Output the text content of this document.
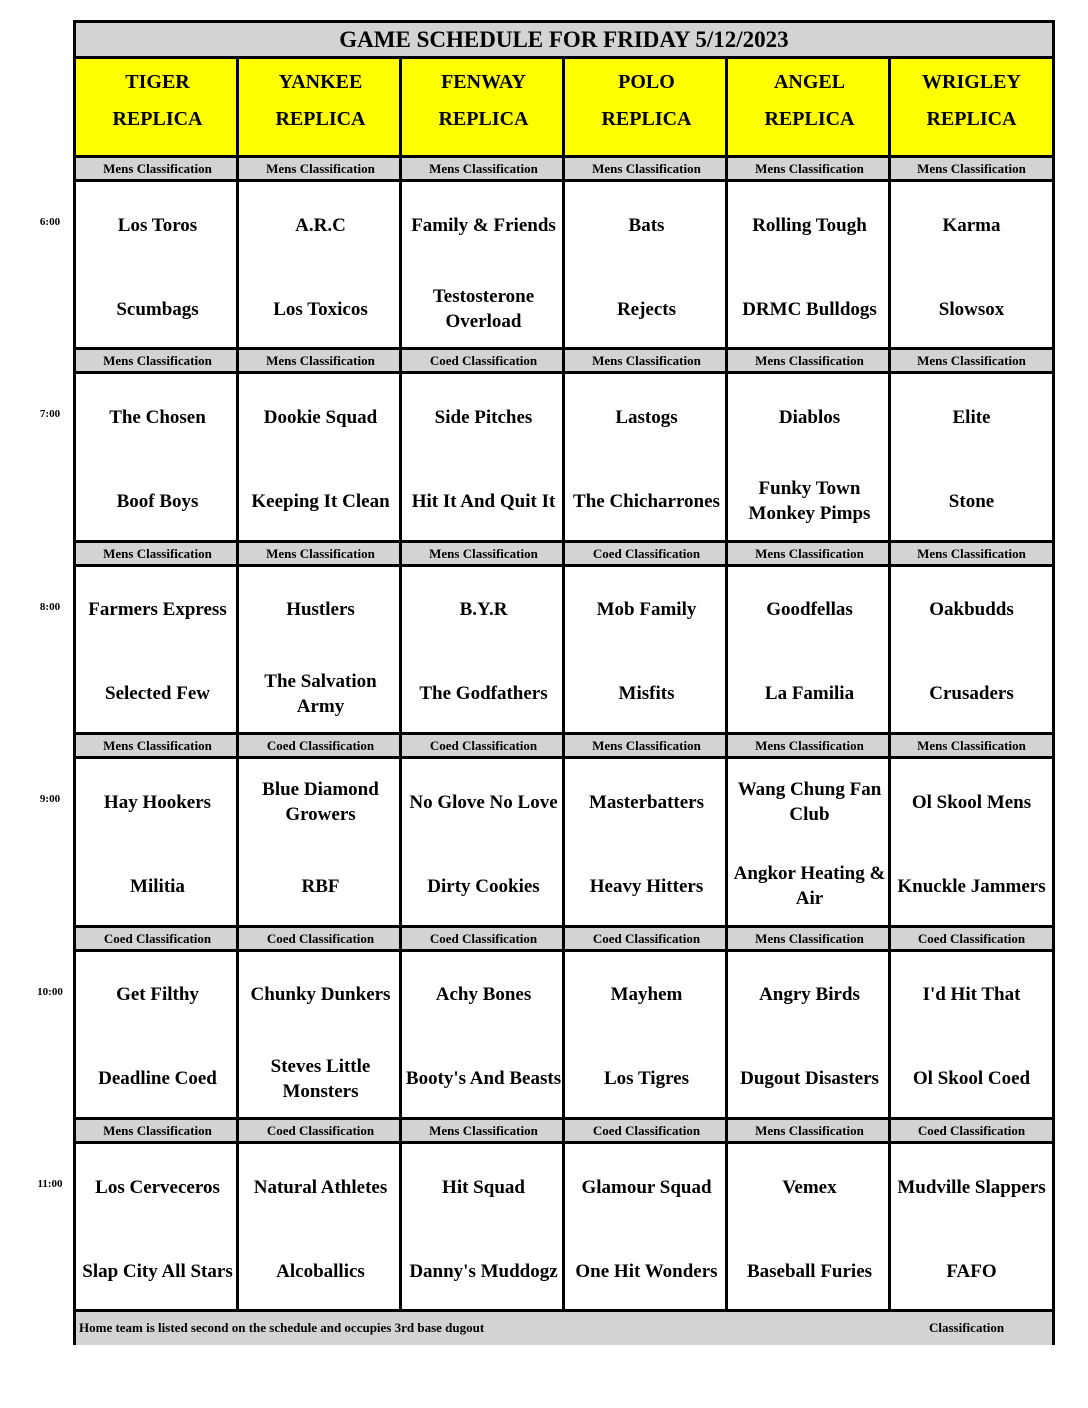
GAME SCHEDULE FOR FRIDAY 5/12/2023
TIGER
REPLICA
YANKEE
REPLICA
FENWAY
REPLICA
POLO
REPLICA
ANGEL
REPLICA
WRIGLEY
REPLICA
Mens Classification
Los Toros
Scumbags
Mens Classification
A.R.C
Los Toxicos
Mens Classification
Family & Friends
Testosterone Overload
Mens Classification
Bats
Rejects
Mens Classification
Rolling Tough
DRMC Bulldogs
Mens Classification
Karma
Slowsox
Mens Classification
The Chosen
Boof Boys
Mens Classification
Dookie Squad
Keeping It Clean
Coed Classification
Side Pitches
Hit It And Quit It
Mens Classification
Lastogs
The Chicharrones
Mens Classification
Diablos
Funky Town Monkey Pimps
Mens Classification
Elite
Stone
Mens Classification
Farmers Express
Selected Few
Mens Classification
Hustlers
The Salvation Army
Mens Classification
B.Y.R
The Godfathers
Coed Classification
Mob Family
Misfits
Mens Classification
Goodfellas
La Familia
Mens Classification
Oakbudds
Crusaders
Mens Classification
Hay Hookers
Militia
Coed Classification
Blue Diamond Growers
RBF
Coed Classification
No Glove No Love
Dirty Cookies
Mens Classification
Masterbatters
Heavy Hitters
Mens Classification
Wang Chung Fan Club
Angkor Heating & Air
Mens Classification
Ol Skool Mens
Knuckle Jammers
Coed Classification
Get Filthy
Deadline Coed
Coed Classification
Chunky Dunkers
Steves Little Monsters
Coed Classification
Achy Bones
Booty's And Beasts
Coed Classification
Mayhem
Los Tigres
Mens Classification
Angry Birds
Dugout Disasters
Coed Classification
I'd Hit That
Ol Skool Coed
Mens Classification
Los Cerveceros
Slap City All Stars
Coed Classification
Natural Athletes
Alcoballics
Mens Classification
Hit Squad
Danny's Muddogz
Coed Classification
Glamour Squad
One Hit Wonders
Mens Classification
Vemex
Baseball Furies
Coed Classification
Mudville Slappers
FAFO
Home team is listed second on the schedule and occupies 3rd base dugout	Classification
6:00
7:00
8:00
9:00
10:00
11:00
